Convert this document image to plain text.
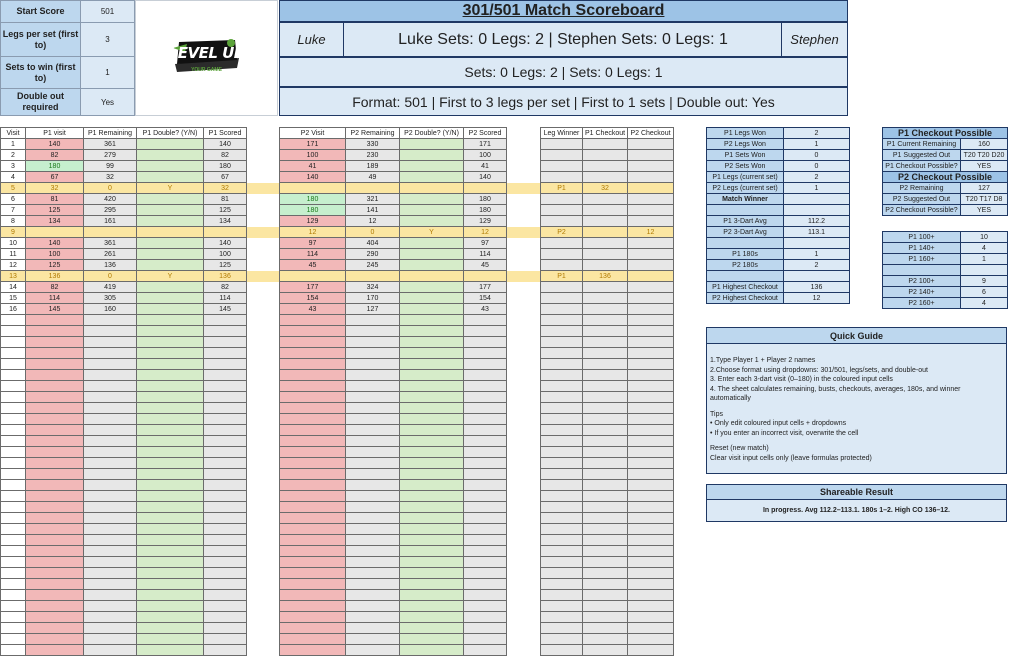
Start Score	501
Legs per set (first to)	3
Sets to win (first to)	1
Double out required	Yes
LEVEL UP
YOUR GAME
301/501 Match Scoreboard
Luke	Luke Sets: 0 Legs: 2 | Stephen Sets: 0 Legs: 1	Stephen
Sets: 0 Legs: 2 | Sets: 0 Legs: 1
Format: 501 | First to 3 legs per set | First to 1 sets | Double out: Yes
Visit	P1 visit	P1 Remaining	P1 Double? (Y/N)	P1 Scored
1	140	361		140
2	82	279		82
3	180	99		180
4	67	32		67
5	32	0	Y	32
6	81	420		81
7	125	295		125
8	134	161		134
9				
10	140	361		140
11	100	261		100
12	125	136		125
13	136	0	Y	136
14	82	419		82
15	114	305		114
16	145	160		145

P2 Visit	P2 Remaining	P2 Double? (Y/N)	P2 Scored
171	330		171
100	230		100
41	189		41
140	49		140

180	321		180
180	141		180
129	12		129
12	0	Y	12
97	404		97
114	290		114
45	245		45

177	324		177
154	170		154
43	127		43

Leg Winner	P1 Checkout	P2 Checkout

P1	32	

P2		12

P1	136	

P1 Legs Won	2
P2 Legs Won	1
P1 Sets Won	0
P2 Sets Won	0
P1 Legs (current set)	2
P2 Legs (current set)	1
Match Winner	

P1 3-Dart Avg	112.2
P2 3-Dart Avg	113.1

P1 180s	1
P2 180s	2

P1 Highest Checkout	136
P2 Highest Checkout	12
P1 Checkout Possible	
P1 Current Remaining	160
P1 Suggested Out	T20 T20 D20
P1 Checkout Possible?	YES
P2 Checkout Possible	
P2 Remaining	127
P2 Suggested Out	T20 T17 D8
P2 Checkout Possible?	YES
P1 100+	10
P1 140+	4
P1 160+	1

P2 100+	9
P2 140+	6
P2 160+	4
Quick Guide
1.Type Player 1 + Player 2 names
2.Choose format using dropdowns: 301/501, legs/sets, and double-out
3. Enter each 3-dart visit (0–180) in the coloured input cells
4. The sheet calculates remaining, busts, checkouts, averages, 180s, and winner automatically
Tips
• Only edit coloured input cells + dropdowns
• If you enter an incorrect visit, overwrite the cell
Reset (new match)
Clear visit input cells only (leave formulas protected)
Shareable Result
In progress. Avg 112.2–113.1. 180s 1–2. High CO 136–12.
